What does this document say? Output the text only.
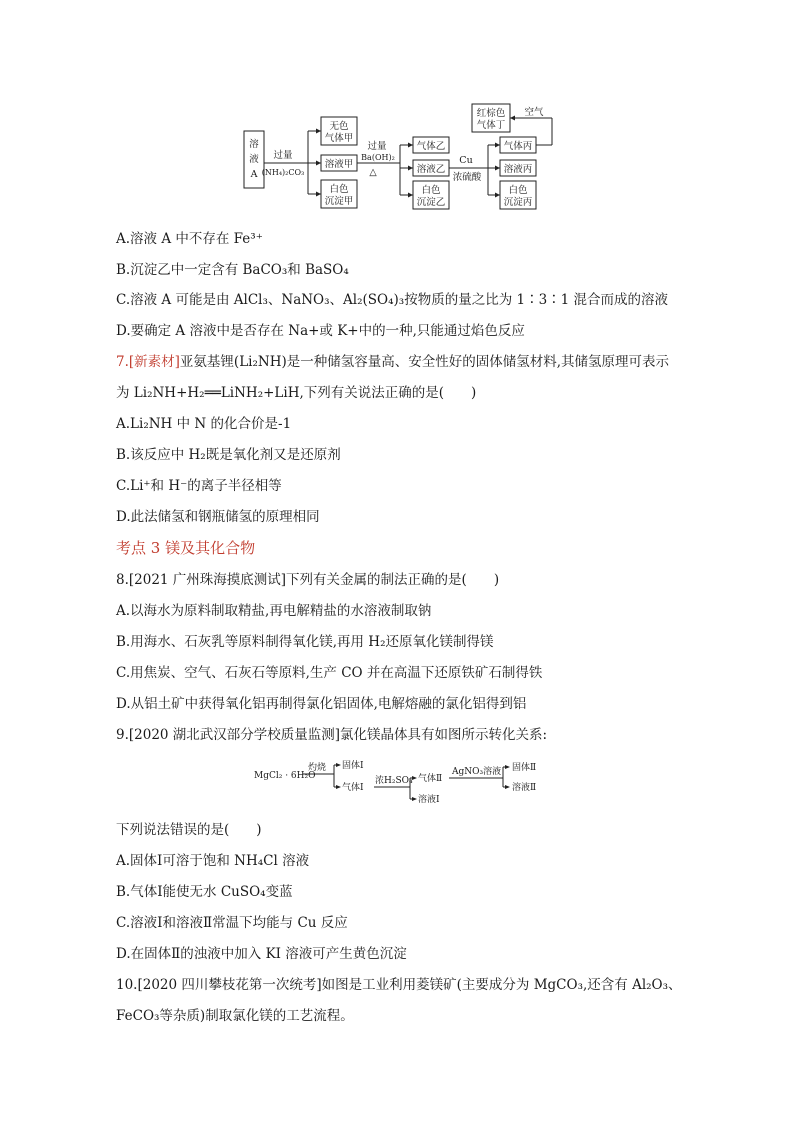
溶
液
A
过量
(NH₄)₂CO₃
无色
气体甲
溶液甲
白色
沉淀甲
过量
Ba(OH)₂
△
气体乙
溶液乙
白色
沉淀乙
Cu
浓硫酸
气体丙
溶液丙
白色
沉淀丙
红棕色
气体丁
空气
A.溶液 A 中不存在 Fe³⁺
B.沉淀乙中一定含有 BaCO₃和 BaSO₄
C.溶液 A 可能是由 AlCl₃、NaNO₃、Al₂(SO₄)₃按物质的量之比为 1∶3∶1 混合而成的溶液
D.要确定 A 溶液中是否存在 Na+或 K+中的一种,只能通过焰色反应
7.[新素材]亚氨基锂(Li₂NH)是一种储氢容量高、安全性好的固体储氢材料,其储氢原理可表示
为 Li₂NH+H₂══LiNH₂+LiH,下列有关说法正确的是(　　)
A.Li₂NH 中 N 的化合价是-1
B.该反应中 H₂既是氧化剂又是还原剂
C.Li⁺和 H⁻的离子半径相等
D.此法储氢和钢瓶储氢的原理相同
考点 3 镁及其化合物
8.[2021 广州珠海摸底测试]下列有关金属的制法正确的是(　　)
A.以海水为原料制取精盐,再电解精盐的水溶液制取钠
B.用海水、石灰乳等原料制得氧化镁,再用 H₂还原氧化镁制得镁
C.用焦炭、空气、石灰石等原料,生产 CO 并在高温下还原铁矿石制得铁
D.从铝土矿中获得氧化铝再制得氯化铝固体,电解熔融的氯化铝得到铝
9.[2020 湖北武汉部分学校质量监测]氯化镁晶体具有如图所示转化关系:
MgCl₂ · 6H₂O
灼烧 固体Ⅰ
气体Ⅰ
浓H₂SO₄ 气体Ⅱ
溶液Ⅰ
AgNO₃溶液 固体Ⅱ
溶液Ⅱ
下列说法错误的是(　　)
A.固体Ⅰ可溶于饱和 NH₄Cl 溶液
B.气体Ⅰ能使无水 CuSO₄变蓝
C.溶液Ⅰ和溶液Ⅱ常温下均能与 Cu 反应
D.在固体Ⅱ的浊液中加入 KI 溶液可产生黄色沉淀
10.[2020 四川攀枝花第一次统考]如图是工业利用菱镁矿(主要成分为 MgCO₃,还含有 Al₂O₃、
FeCO₃等杂质)制取氯化镁的工艺流程。
